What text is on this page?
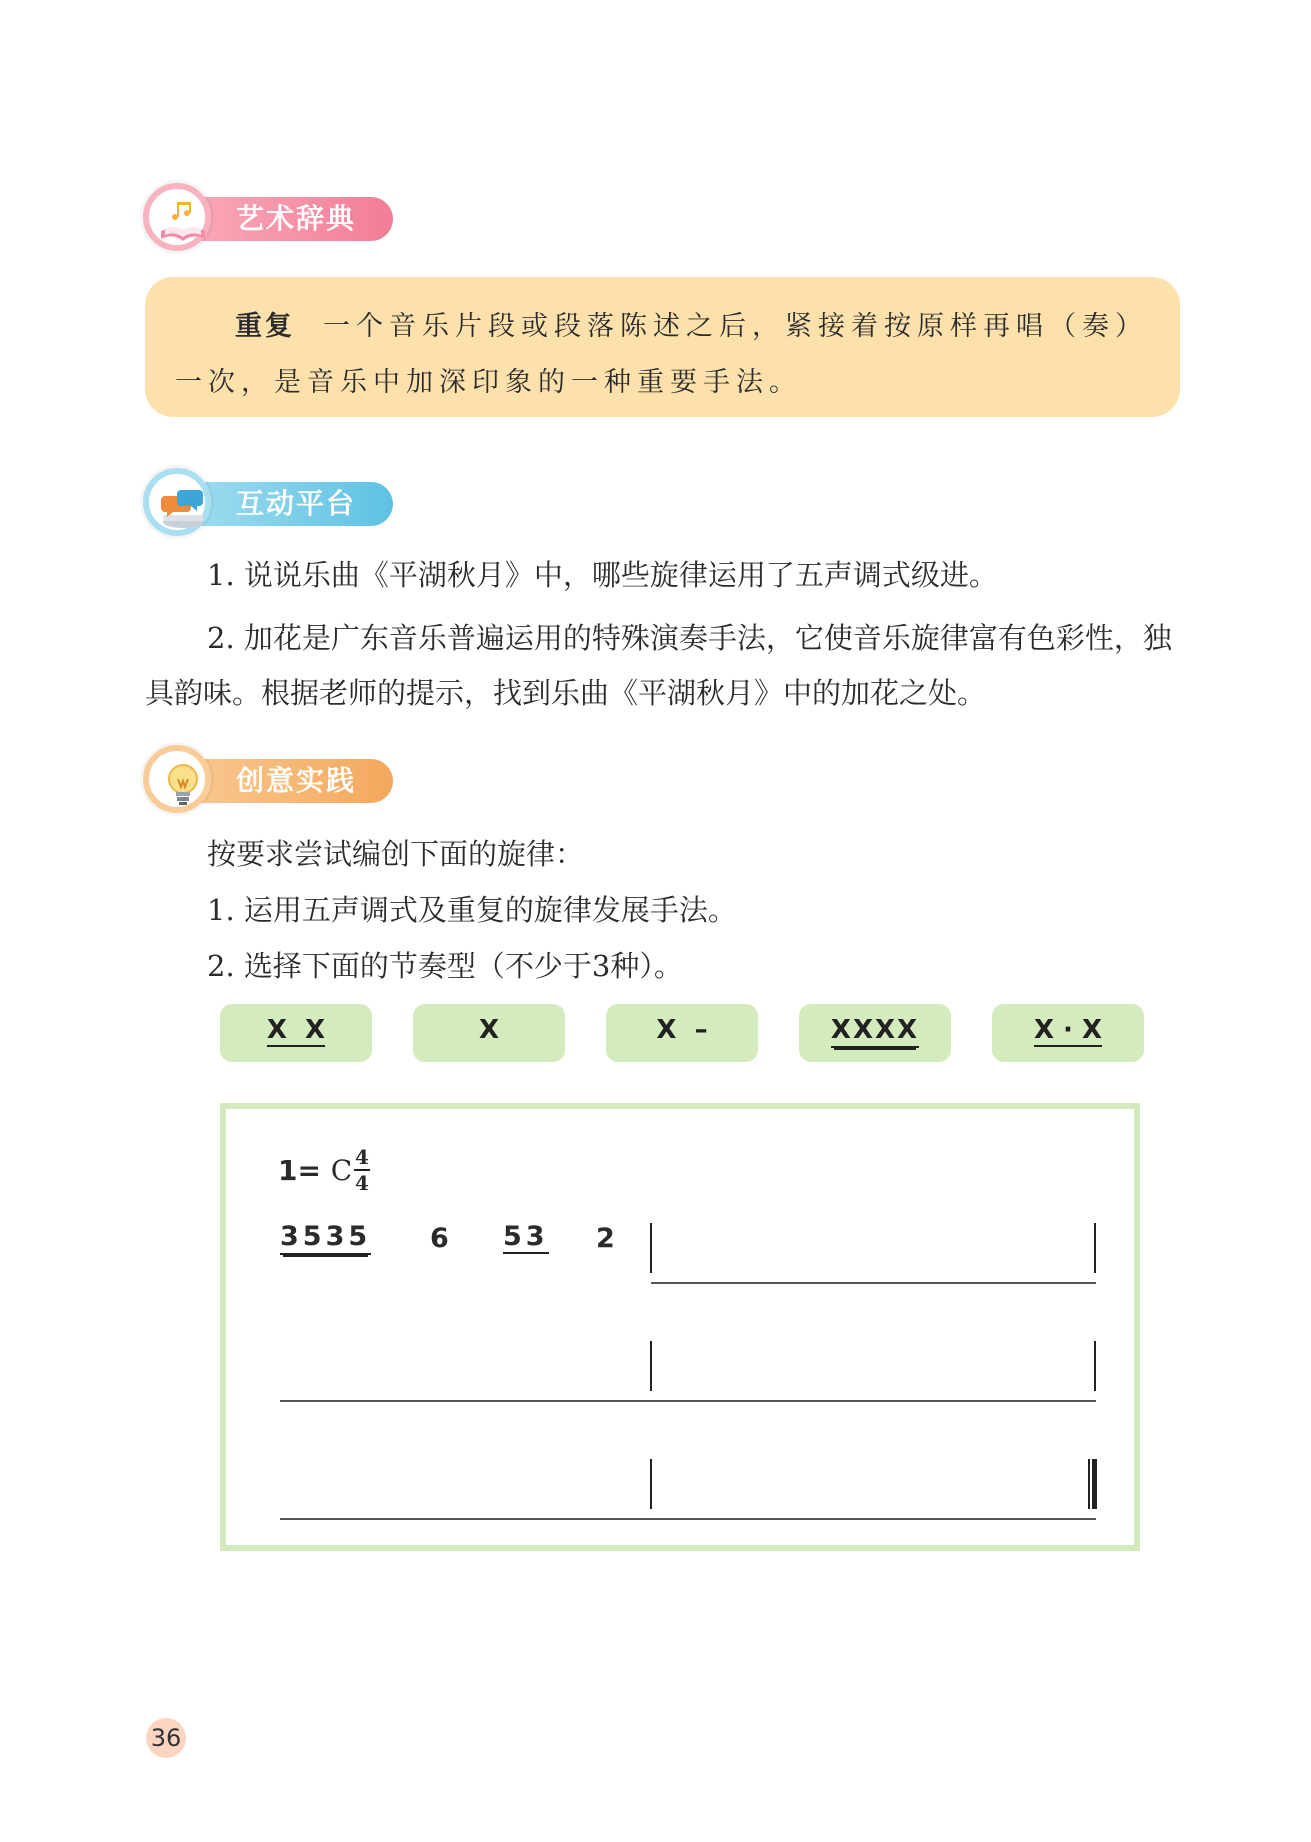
艺术辞典
重复 一个音乐片段或段落陈述之后，紧接着按原样再唱（奏）一次，是音乐中加深印象的一种重要手法。
互动平台
1. 说说乐曲《平湖秋月》中，哪些旋律运用了五声调式级进。
2. 加花是广东音乐普遍运用的特殊演奏手法，它使音乐旋律富有色彩性，独具韵味。根据老师的提示，找到乐曲《平湖秋月》中的加花之处。
创意实践
按要求尝试编创下面的旋律：
1. 运用五声调式及重复的旋律发展手法。
2. 选择下面的节奏型（不少于3种）。
X  X	X	X  –	XXXX	X · X
1= C 4
4
3535 6 53 2
36
